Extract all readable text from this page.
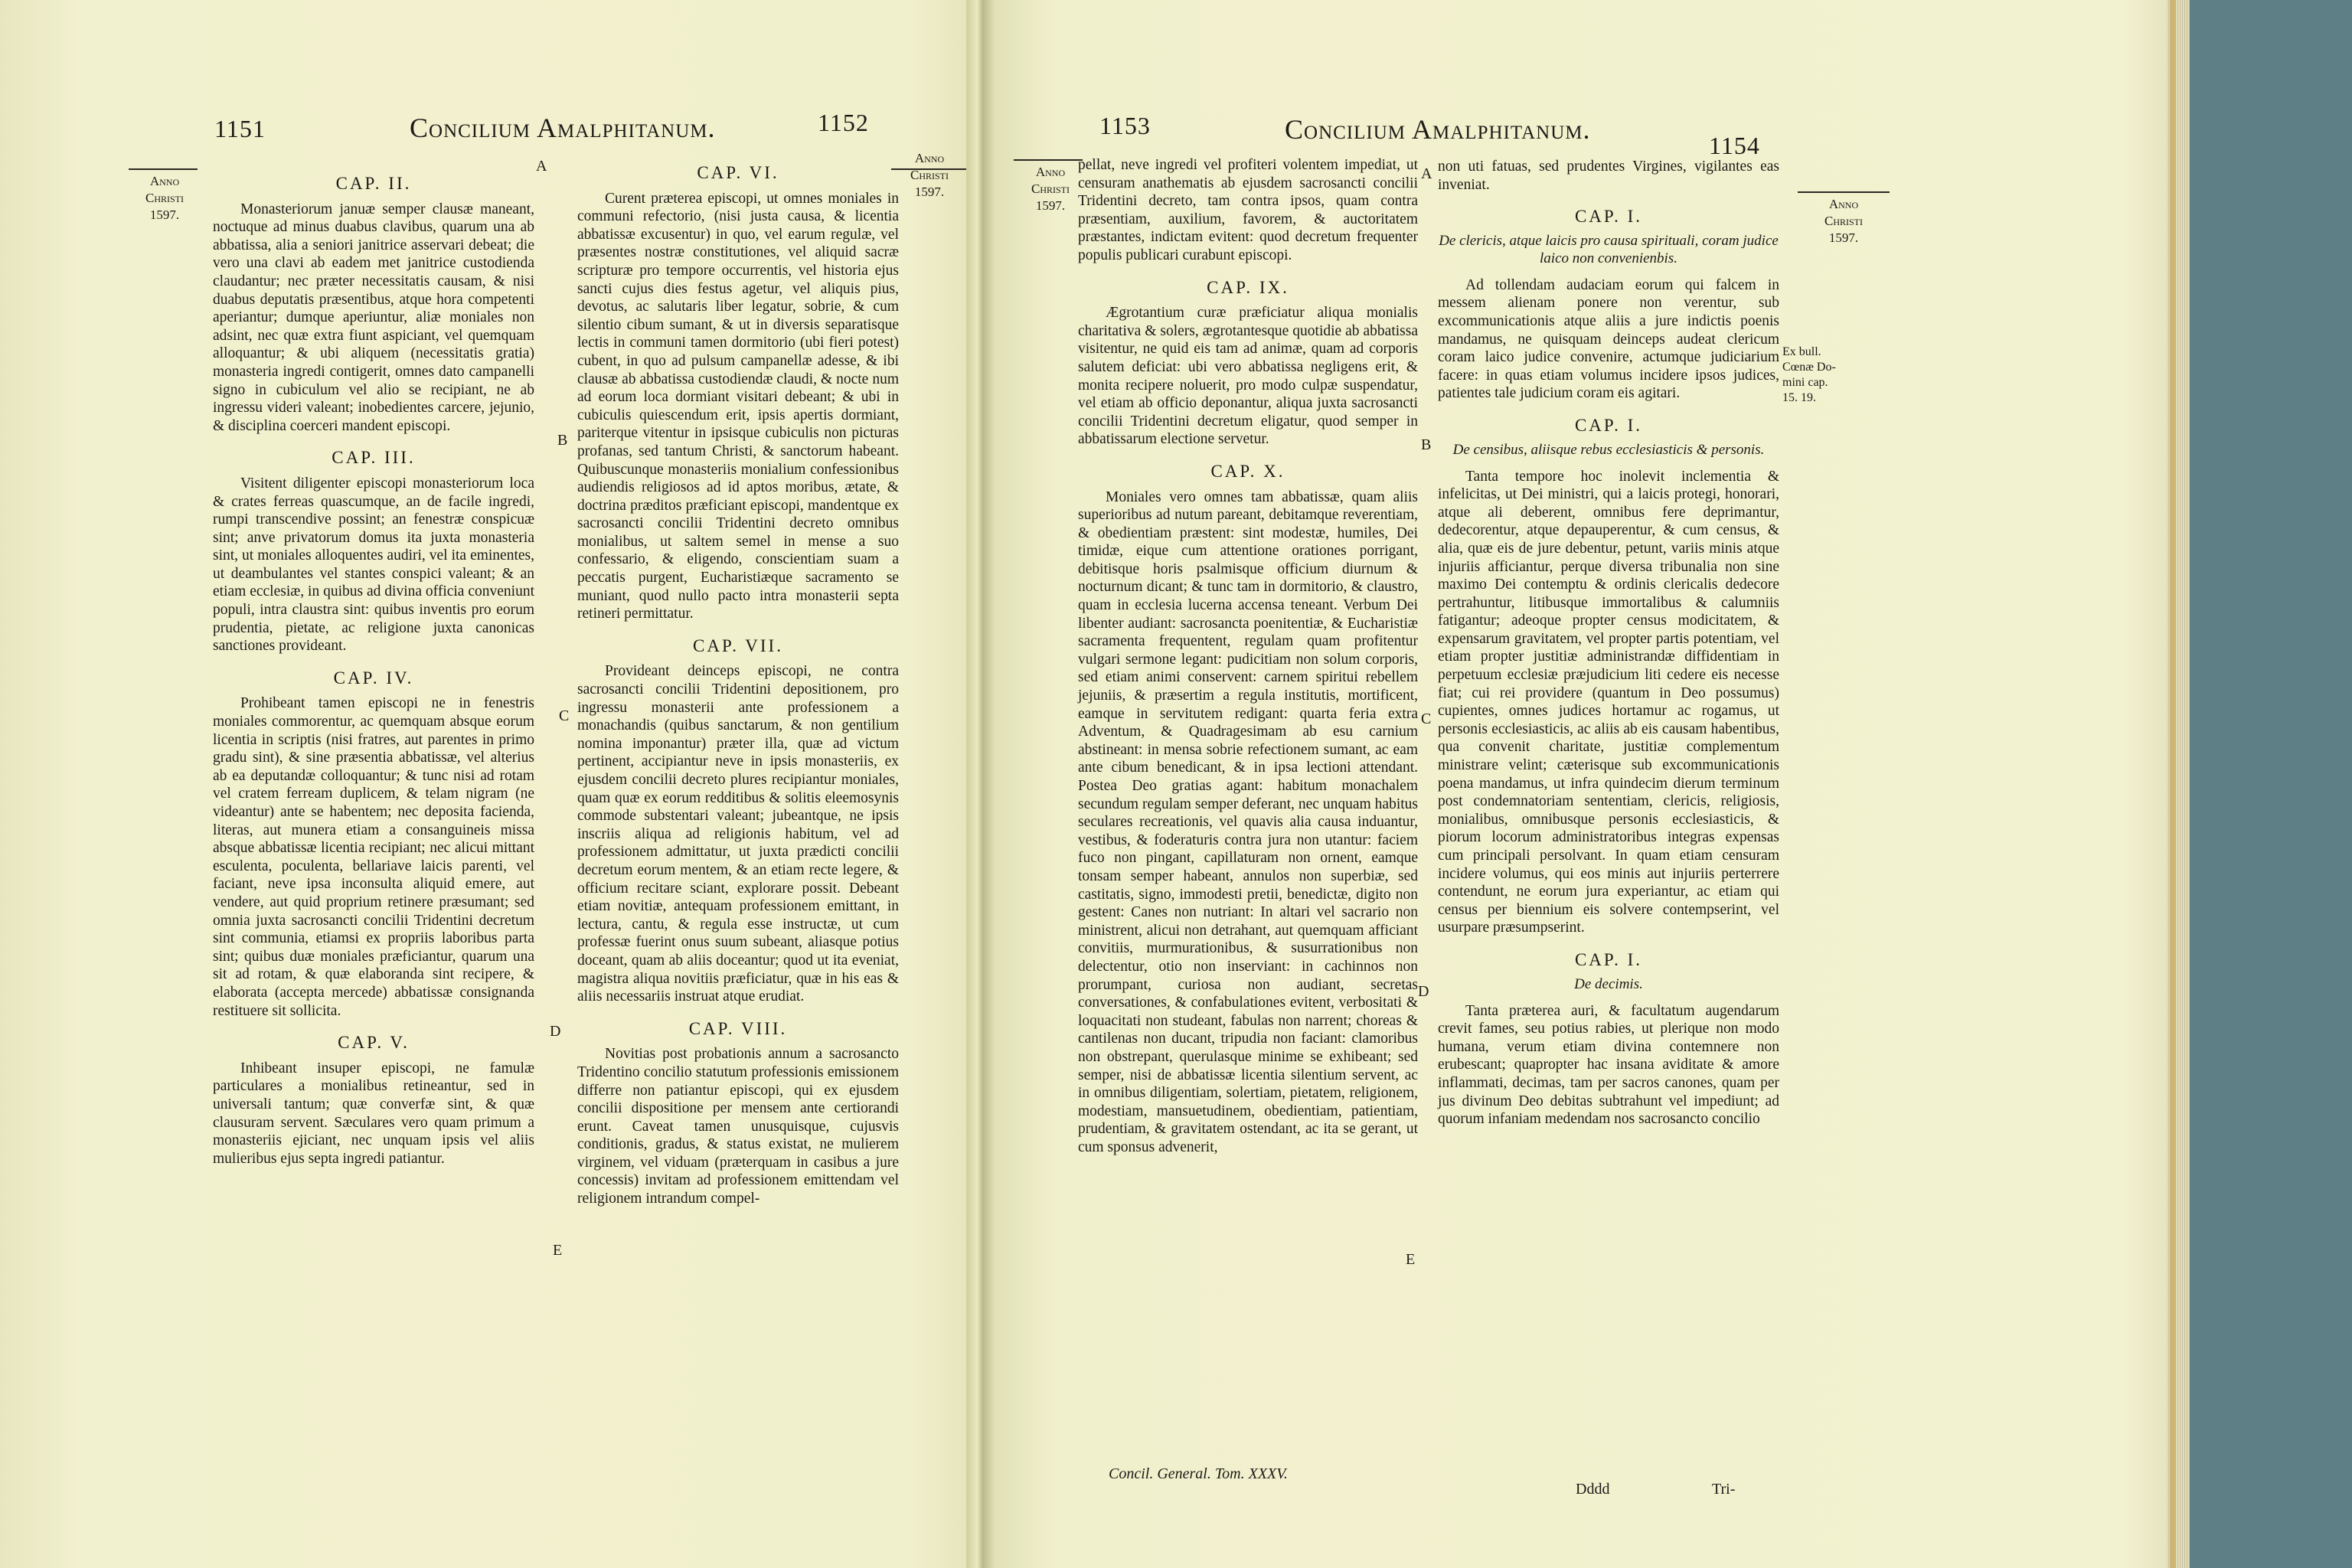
Anno
Christi
1597.
1151	Concilium Amalphitanum.	1152
Anno
Christi
1597.
A
B
C
D
E
CAP. II.

Monasteriorum januæ semper clausæ maneant, noctuque ad minus duabus clavibus, quarum una ab abbatissa, alia a seniori janitrice asservari debeat; die vero una clavi ab eadem met janitrice custodienda claudantur; nec præter necessitatis causam, & nisi duabus deputatis præsentibus, atque hora competenti aperiantur; dumque aperiuntur, aliæ moniales non adsint, nec quæ extra fiunt aspiciant, vel quemquam alloquantur; & ubi aliquem (necessitatis gratia) monasteria ingredi contigerit, omnes dato campanelli signo in cubiculum vel alio se recipiant, ne ab ingressu videri valeant; inobedientes carcere, jejunio, & disciplina coerceri mandent episcopi.

CAP. III.

Visitent diligenter episcopi monasteriorum loca & crates ferreas quascumque, an de facile ingredi, rumpi transcendive possint; an fenestræ conspicuæ sint; anve privatorum domus ita juxta monasteria sint, ut moniales alloquentes audiri, vel ita eminentes, ut deambulantes vel stantes conspici valeant; & an etiam ecclesiæ, in quibus ad divina officia conveniunt populi, intra claustra sint: quibus inventis pro eorum prudentia, pietate, ac religione juxta canonicas sanctiones provideant.

CAP. IV.

Prohibeant tamen episcopi ne in fenestris moniales commorentur, ac quemquam absque eorum licentia in scriptis (nisi fratres, aut parentes in primo gradu sint), & sine præsentia abbatissæ, vel alterius ab ea deputandæ colloquantur; & tunc nisi ad rotam vel cratem ferream duplicem, & telam nigram (ne videantur) ante se habentem; nec deposita facienda, literas, aut munera etiam a consanguineis missa absque abbatissæ licentia recipiant; nec alicui mittant esculenta, poculenta, bellariave laicis parenti, vel faciant, neve ipsa inconsulta aliquid emere, aut vendere, aut quid proprium retinere præsumant; sed omnia juxta sacrosancti concilii Tridentini decretum sint communia, etiamsi ex propriis laboribus parta sint; quibus duæ moniales præficiantur, quarum una sit ad rotam, & quæ elaboranda sint recipere, & elaborata (accepta mercede) abbatissæ consignanda restituere sit sollicita.

CAP. V.

Inhibeant insuper episcopi, ne famulæ particulares a monialibus retineantur, sed in universali tantum; quæ converfæ sint, & quæ clausuram servent. Sæculares vero quam primum a monasteriis ejiciant, nec unquam ipsis vel aliis mulieribus ejus septa ingredi patiantur.

CAP. VI.

Curent præterea episcopi, ut omnes moniales in communi refectorio, (nisi justa causa, & licentia abbatissæ excusentur) in quo, vel earum regulæ, vel præsentes nostræ constitutiones, vel aliquid sacræ scripturæ pro tempore occurrentis, vel historia ejus sancti cujus dies festus agetur, vel aliquis pius, devotus, ac salutaris liber legatur, sobrie, & cum silentio cibum sumant, & ut in diversis separatisque lectis in communi tamen dormitorio (ubi fieri potest) cubent, in quo ad pulsum campanellæ adesse, & ibi clausæ ab abbatissa custodiendæ claudi, & nocte num ad eorum loca dormiant visitari debeant; & ubi in cubiculis quiescendum erit, ipsis apertis dormiant, pariterque vitentur in ipsisque cubiculis non picturas profanas, sed tantum Christi, & sanctorum habeant. Quibuscunque monasteriis monialium confessionibus audiendis religiosos ad id aptos moribus, ætate, & doctrina præditos præficiant episcopi, mandentque ex sacrosancti concilii Tridentini decreto omnibus monialibus, ut saltem semel in mense a suo confessario, & eligendo, conscientiam suam a peccatis purgent, Eucharistiæque sacramento se muniant, quod nullo pacto intra monasterii septa retineri permittatur.

CAP. VII.

Provideant deinceps episcopi, ne contra sacrosancti concilii Tridentini depositionem, pro ingressu monasterii ante professionem a monachandis (quibus sanctarum, & non gentilium nomina imponantur) præter illa, quæ ad victum pertinent, accipiantur neve in ipsis monasteriis, ex ejusdem concilii decreto plures recipiantur moniales, quam quæ ex eorum redditibus & solitis eleemosynis commode substentari valeant; jubeantque, ne ipsis inscriis aliqua ad religionis habitum, vel ad professionem admittatur, ut juxta prædicti concilii decretum eorum mentem, & an etiam recte legere, & officium recitare sciant, explorare possit. Debeant etiam novitiæ, antequam professionem emittant, in lectura, cantu, & regula esse instructæ, ut cum professæ fuerint onus suum subeant, aliasque potius doceant, quam ab aliis doceantur; quod ut ita eveniat, magistra aliqua novitiis præficiatur, quæ in his eas & aliis necessariis instruat atque erudiat.

CAP. VIII.

Novitias post probationis annum a sacrosancto Tridentino concilio statutum professionis emissionem differre non patiantur episcopi, qui ex ejusdem concilii dispositione per mensem ante certiorandi erunt. Caveat tamen unusquisque, cujusvis conditionis, gradus, & status existat, ne mulierem virginem, vel viduam (præterquam in casibus a jure concessis) invitam ad professionem emittendam vel religionem intrandum compel-

Anno
Christi
1597.
1153	Concilium Amalphitanum.
1154
Anno
Christi
1597.
Ex bull.
Cœnæ Do-
mini cap.
15. 19.
A
B
C
D
E

pellat, neve ingredi vel profiteri volentem impediat, ut censuram anathematis ab ejusdem sacrosancti concilii Tridentini decreto, tam contra ipsos, quam contra præsentiam, auxilium, favorem, & auctoritatem præstantes, indictam evitent: quod decretum frequenter populis publicari curabunt episcopi.

CAP. IX.

Ægrotantium curæ præficiatur aliqua monialis charitativa & solers, ægrotantesque quotidie ab abbatissa visitentur, ne quid eis tam ad animæ, quam ad corporis salutem deficiat: ubi vero abbatissa negligens erit, & monita recipere noluerit, pro modo culpæ suspendatur, vel etiam ab officio deponantur, aliqua juxta sacrosancti concilii Tridentini decretum eligatur, quod semper in abbatissarum electione servetur.

CAP. X.

Moniales vero omnes tam abbatissæ, quam aliis superioribus ad nutum pareant, debitamque reverentiam, & obedientiam præstent: sint modestæ, humiles, Dei timidæ, eique cum attentione orationes porrigant, debitisque horis psalmisque officium diurnum & nocturnum dicant; & tunc tam in dormitorio, & claustro, quam in ecclesia lucerna accensa teneant. Verbum Dei libenter audiant: sacrosancta poenitentiæ, & Eucharistiæ sacramenta frequentent, regulam quam profitentur vulgari sermone legant: pudicitiam non solum corporis, sed etiam animi conservent: carnem spiritui rebellem jejuniis, & præsertim a regula institutis, mortificent, eamque in servitutem redigant: quarta feria extra Adventum, & Quadragesimam ab esu carnium abstineant: in mensa sobrie refectionem sumant, ac eam ante cibum benedicant, & in ipsa lectioni attendant. Postea Deo gratias agant: habitum monachalem secundum regulam semper deferant, nec unquam habitus seculares recreationis, vel quavis alia causa induantur, vestibus, & foderaturis contra jura non utantur: faciem fuco non pingant, capillaturam non ornent, eamque tonsam semper habeant, annulos non superbiæ, sed castitatis, signo, immodesti pretii, benedictæ, digito non gestent: Canes non nutriant: In altari vel sacrario non ministrent, alicui non detrahant, aut quemquam afficiant convitiis, murmurationibus, & susurrationibus non delectentur, otio non inserviant: in cachinnos non prorumpant, curiosa non audiant, secretas conversationes, & confabulationes evitent, verbositati & loquacitati non studeant, fabulas non narrent; choreas & cantilenas non ducant, tripudia non faciant: clamoribus non obstrepant, querulasque minime se exhibeant; sed semper, nisi de abbatissæ licentia silentium servent, ac in omnibus diligentiam, solertiam, pietatem, religionem, modestiam, mansuetudinem, obedientiam, patientiam, prudentiam, & gravitatem ostendant, ac ita se gerant, ut cum sponsus advenerit,

non uti fatuas, sed prudentes Virgines, vigilantes eas inveniat.

CAP. I.
De clericis, atque laicis pro causa spirituali, coram judice laico non convenienbis.

Ad tollendam audaciam eorum qui falcem in messem alienam ponere non verentur, sub excommunicationis atque aliis a jure indictis poenis mandamus, ne quisquam deinceps audeat clericum coram laico judice convenire, actumque judiciarium facere: in quas etiam volumus incidere ipsos judices, patientes tale judicium coram eis agitari.

CAP. I.
De censibus, aliisque rebus ecclesiasticis & personis.

Tanta tempore hoc inolevit inclementia & infelicitas, ut Dei ministri, qui a laicis protegi, honorari, atque ali deberent, omnibus fere deprimantur, dedecorentur, atque depauperentur, & cum census, & alia, quæ eis de jure debentur, petunt, variis minis atque injuriis afficiantur, perque diversa tribunalia non sine maximo Dei contemptu & ordinis clericalis dedecore pertrahuntur, litibusque immortalibus & calumniis fatigantur; adeoque propter census modicitatem, & expensarum gravitatem, vel propter partis potentiam, vel etiam propter justitiæ administrandæ diffidentiam in perpetuum ecclesiæ præjudicium liti cedere eis necesse fiat; cui rei providere (quantum in Deo possumus) cupientes, omnes judices hortamur ac rogamus, ut personis ecclesiasticis, ac aliis ab eis causam habentibus, qua convenit charitate, justitiæ complementum ministrare velint; cæterisque sub excommunicationis poena mandamus, ut infra quindecim dierum terminum post condemnatoriam sententiam, clericis, religiosis, monialibus, omnibusque personis ecclesiasticis, & piorum locorum administratoribus integras expensas cum principali persolvant. In quam etiam censuram incidere volumus, qui eos minis aut injuriis perterrere contendunt, ne eorum jura experiantur, ac etiam qui census per biennium eis solvere contempserint, vel usurpare præsumpserint.

CAP. I.
De decimis.

Tanta præterea auri, & facultatum augendarum crevit fames, seu potius rabies, ut plerique non modo humana, verum etiam divina contemnere non erubescant; quapropter hac insana aviditate & amore inflammati, decimas, tam per sacros canones, quam per jus divinum Deo debitas subtrahunt vel impediunt; ad quorum infaniam medendam nos sacrosancto concilio

Concil. General. Tom. XXXV.
Dddd	Tri-
